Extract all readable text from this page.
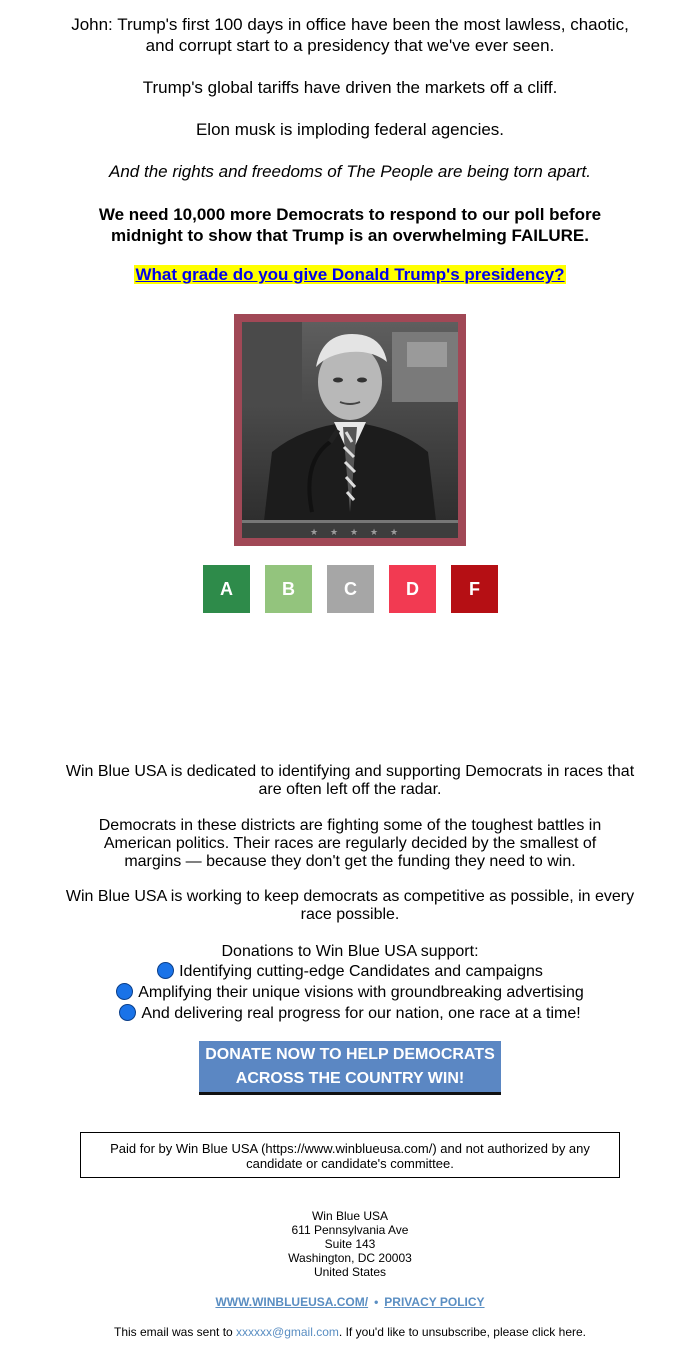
John: Trump's first 100 days in office have been the most lawless, chaotic, and corrupt start to a presidency that we've ever seen.
Trump's global tariffs have driven the markets off a cliff.
Elon musk is imploding federal agencies.
And the rights and freedoms of The People are being torn apart.
We need 10,000 more Democrats to respond to our poll before midnight to show that Trump is an overwhelming FAILURE.
What grade do you give Donald Trump's presidency?
★ ★ ★ ★ ★
A	B	C	D	F
Win Blue USA is dedicated to identifying and supporting Democrats in races that are often left off the radar.
Democrats in these districts are fighting some of the toughest battles in American politics. Their races are regularly decided by the smallest of margins — because they don't get the funding they need to win.
Win Blue USA is working to keep democrats as competitive as possible, in every race possible.
Donations to Win Blue USA support:
Identifying cutting-edge Candidates and campaigns
Amplifying their unique visions with groundbreaking advertising
And delivering real progress for our nation, one race at a time!
DONATE NOW TO HELP DEMOCRATS
ACROSS THE COUNTRY WIN!
Paid for by Win Blue USA (https://www.winblueusa.com/) and not authorized by any candidate or candidate's committee.
Win Blue USA
611 Pennsylvania Ave
Suite 143
Washington, DC 20003
United States
WWW.WINBLUEUSA.COM/ • PRIVACY POLICY
This email was sent to xxxxxx@gmail.com. If you'd like to unsubscribe, please click here.
